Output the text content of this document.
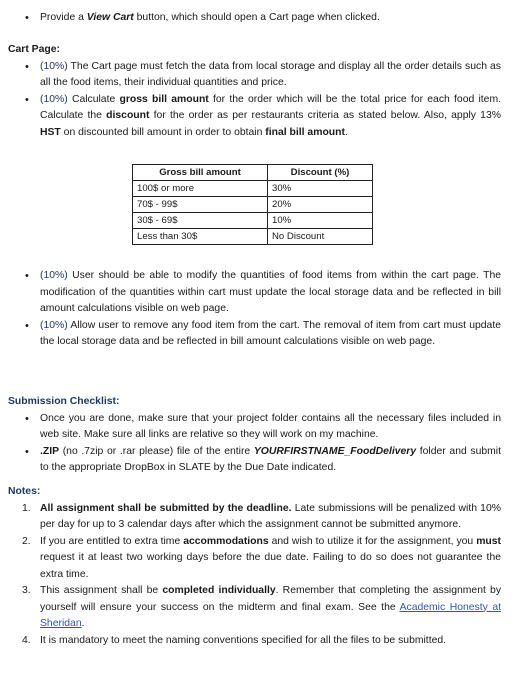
• Provide a View Cart button, which should open a Cart page when clicked.

Cart Page:

• (10%) The Cart page must fetch the data from local storage and display all the order details such as all the food items, their individual quantities and price.
• (10%) Calculate gross bill amount for the order which will be the total price for each food item. Calculate the discount for the order as per restaurants criteria as stated below. Also, apply 13% HST on discounted bill amount in order to obtain final bill amount.
Gross bill amount	Discount (%)
100$ or more	30%
70$ - 99$	20%
30$ - 69$	10%
Less than 30$	No Discount
• (10%) User should be able to modify the quantities of food items from within the cart page. The modification of the quantities within cart must update the local storage data and be reflected in bill amount calculations visible on web page.
• (10%) Allow user to remove any food item from the cart. The removal of item from cart must update the local storage data and be reflected in bill amount calculations visible on web page.

Submission Checklist:

• Once you are done, make sure that your project folder contains all the necessary files included in web site. Make sure all links are relative so they will work on my machine.
• .ZIP (no .7zip or .rar please) file of the entire YOURFIRSTNAME_FoodDelivery folder and submit to the appropriate DropBox in SLATE by the Due Date indicated.

Notes:

1. All assignment shall be submitted by the deadline. Late submissions will be penalized with 10% per day for up to 3 calendar days after which the assignment cannot be submitted anymore.
2. If you are entitled to extra time accommodations and wish to utilize it for the assignment, you must request it at least two working days before the due date. Failing to do so does not guarantee the extra time.
3. This assignment shall be completed individually. Remember that completing the assignment by yourself will ensure your success on the midterm and final exam. See the Academic Honesty at Sheridan.
4. It is mandatory to meet the naming conventions specified for all the files to be submitted.
